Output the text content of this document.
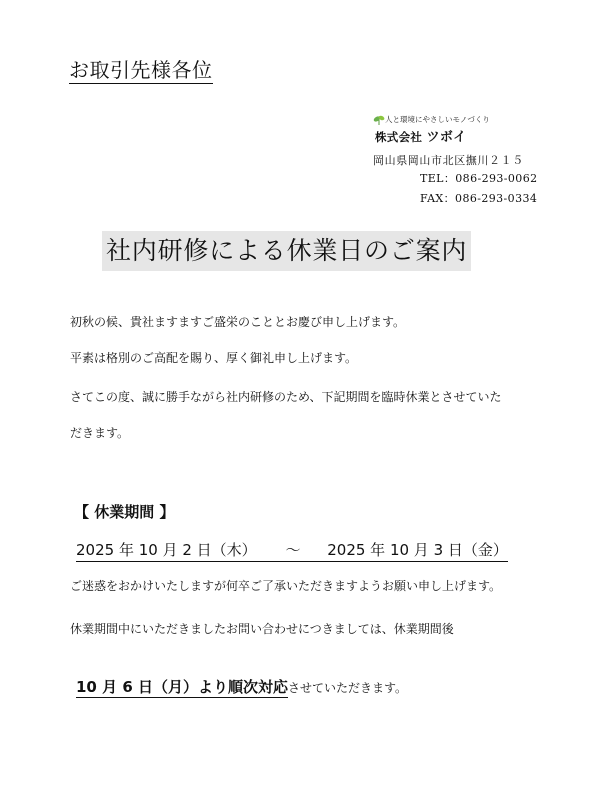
お取引先様各位
人と環境にやさしいモノづくり
株式会社 ツボイ
岡山県岡山市北区撫川２１５
TEL：086-293-0062
FAX：086-293-0334
社内研修による休業日のご案内
初秋の候、貴社ますますご盛栄のこととお慶び申し上げます。
平素は格別のご高配を賜り、厚く御礼申し上げます。
さてこの度、誠に勝手ながら社内研修のため、下記期間を臨時休業とさせていた
だきます。
【 休業期間 】
2025 年 10 月 2 日（木） 〜 2025 年 10 月 3 日（金）
ご迷惑をおかけいたしますが何卒ご了承いただきますようお願い申し上げます。
休業期間中にいただきましたお問い合わせにつきましては、休業期間後
10 月 6 日（月）より順次対応させていただきます。
